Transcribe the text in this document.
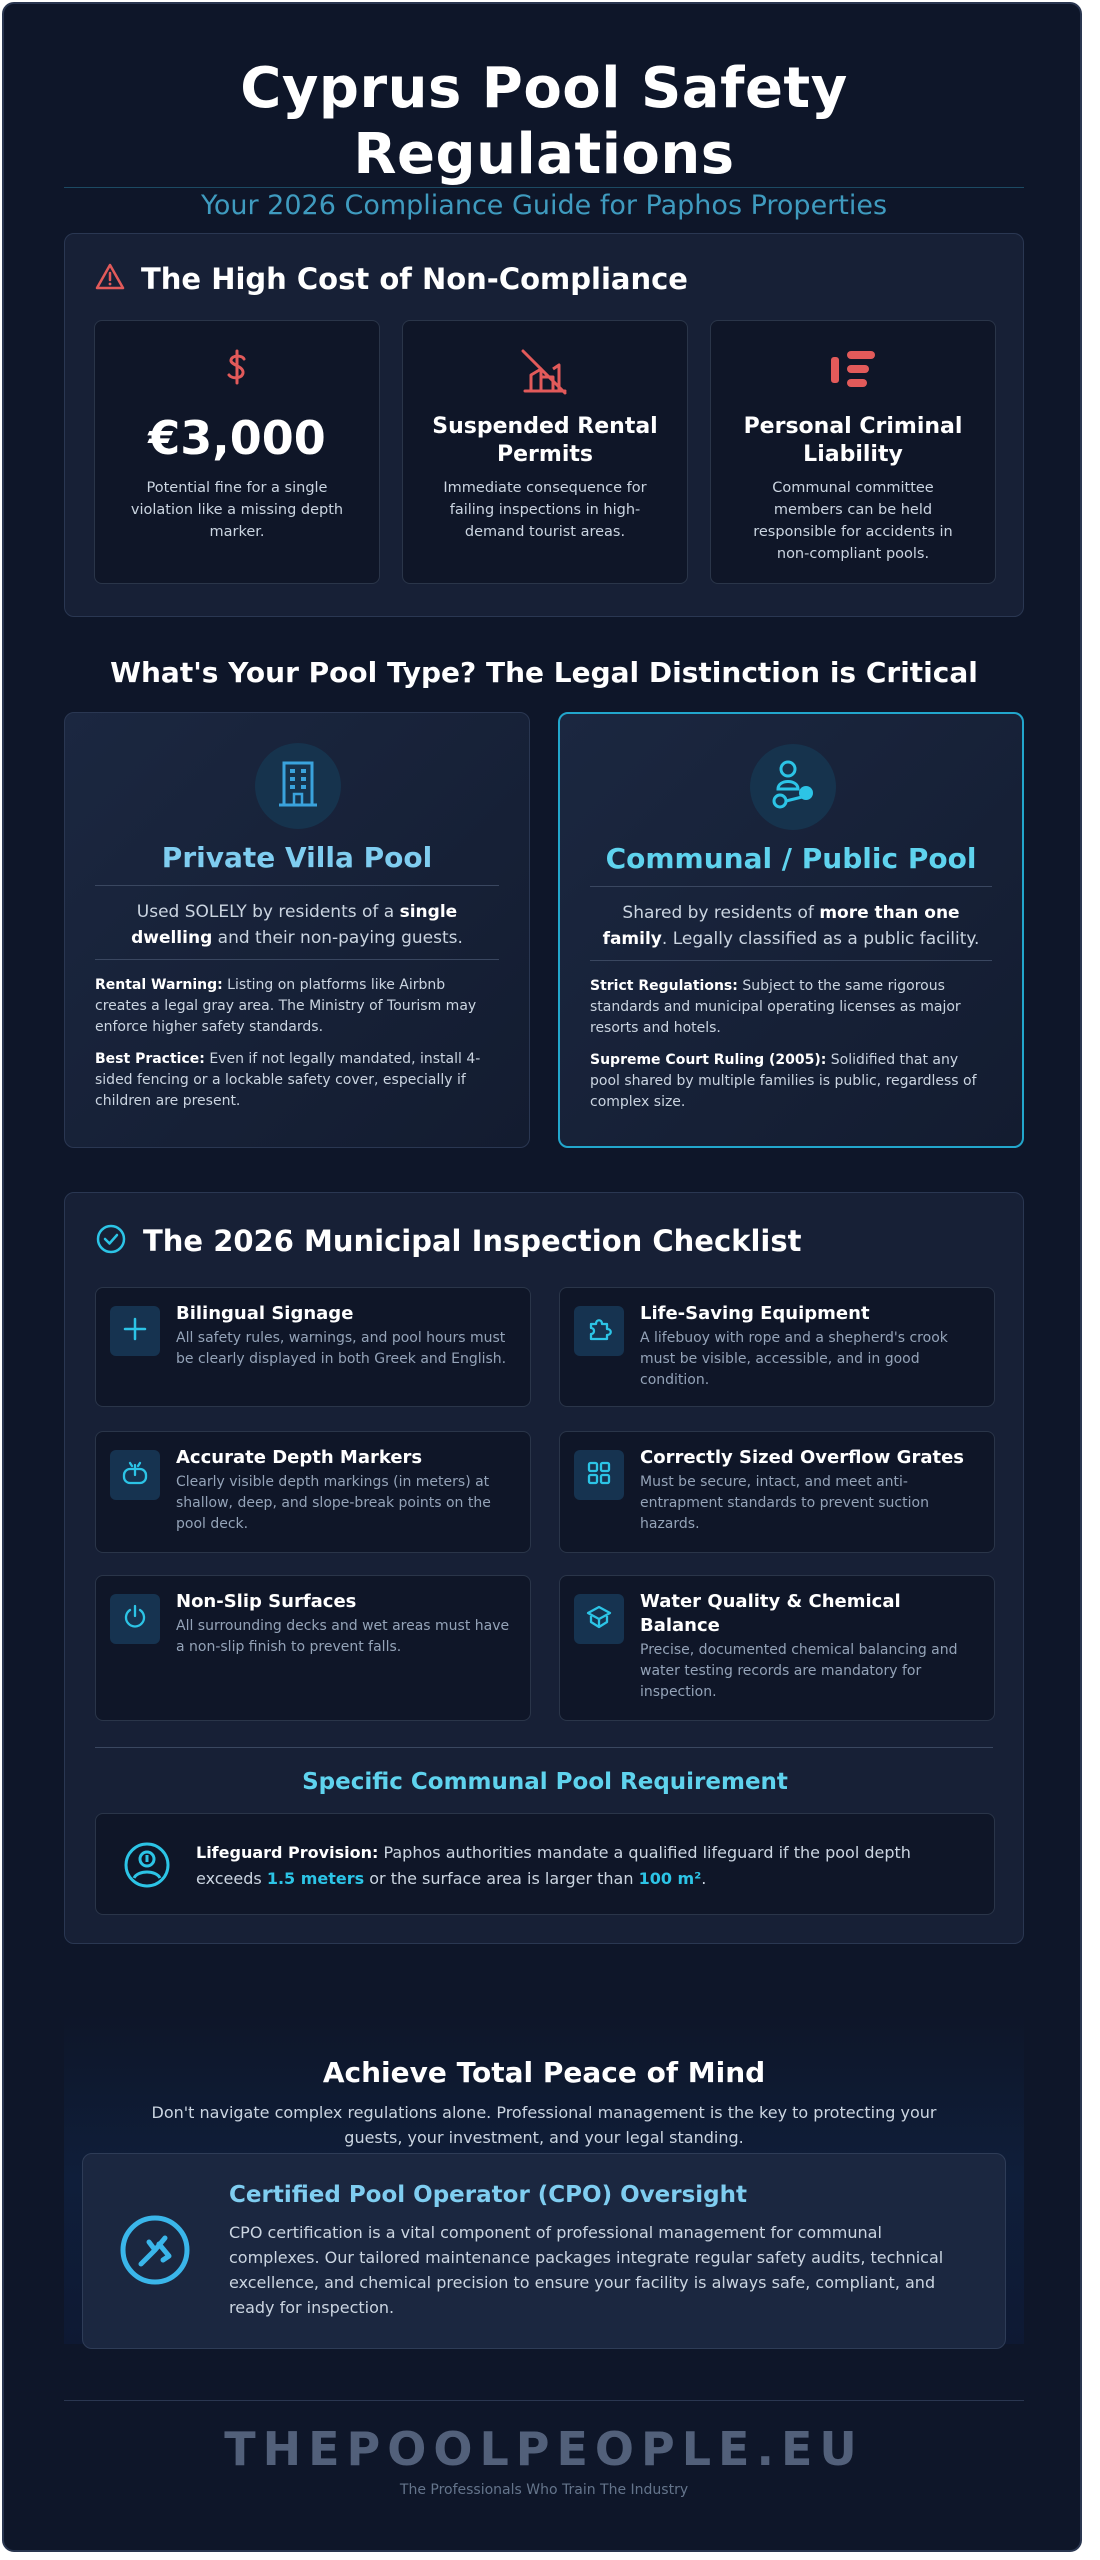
Cyprus Pool Safety Regulations
Your 2026 Compliance Guide for Paphos Properties
The High Cost of Non-Compliance
€3,000
Potential fine for a single violation like a missing depth marker.
Suspended Rental Permits
Immediate consequence for failing inspections in high-demand tourist areas.
Personal Criminal Liability
Communal committee members can be held responsible for accidents in non-compliant pools.
What's Your Pool Type? The Legal Distinction is Critical
Private Villa Pool
Used SOLELY by residents of a single dwelling and their non-paying guests.
Rental Warning: Listing on platforms like Airbnb creates a legal gray area. The Ministry of Tourism may enforce higher safety standards.
Best Practice: Even if not legally mandated, install 4-sided fencing or a lockable safety cover, especially if children are present.
Communal / Public Pool
Shared by residents of more than one family. Legally classified as a public facility.
Strict Regulations: Subject to the same rigorous standards and municipal operating licenses as major resorts and hotels.
Supreme Court Ruling (2005): Solidified that any pool shared by multiple families is public, regardless of complex size.
The 2026 Municipal Inspection Checklist
Bilingual Signage
All safety rules, warnings, and pool hours must be clearly displayed in both Greek and English.
Life-Saving Equipment
A lifebuoy with rope and a shepherd's crook must be visible, accessible, and in good condition.
Accurate Depth Markers
Clearly visible depth markings (in meters) at shallow, deep, and slope-break points on the pool deck.
Correctly Sized Overflow Grates
Must be secure, intact, and meet anti-entrapment standards to prevent suction hazards.
Non-Slip Surfaces
All surrounding decks and wet areas must have a non-slip finish to prevent falls.
Water Quality & Chemical Balance
Precise, documented chemical balancing and water testing records are mandatory for inspection.
Specific Communal Pool Requirement
Lifeguard Provision: Paphos authorities mandate a qualified lifeguard if the pool depth exceeds 1.5 meters or the surface area is larger than 100 m².
Achieve Total Peace of Mind
Don't navigate complex regulations alone. Professional management is the key to protecting your guests, your investment, and your legal standing.
Certified Pool Operator (CPO) Oversight
CPO certification is a vital component of professional management for communal complexes. Our tailored maintenance packages integrate regular safety audits, technical excellence, and chemical precision to ensure your facility is always safe, compliant, and ready for inspection.
THEPOOLPEOPLE.EU
The Professionals Who Train The Industry
